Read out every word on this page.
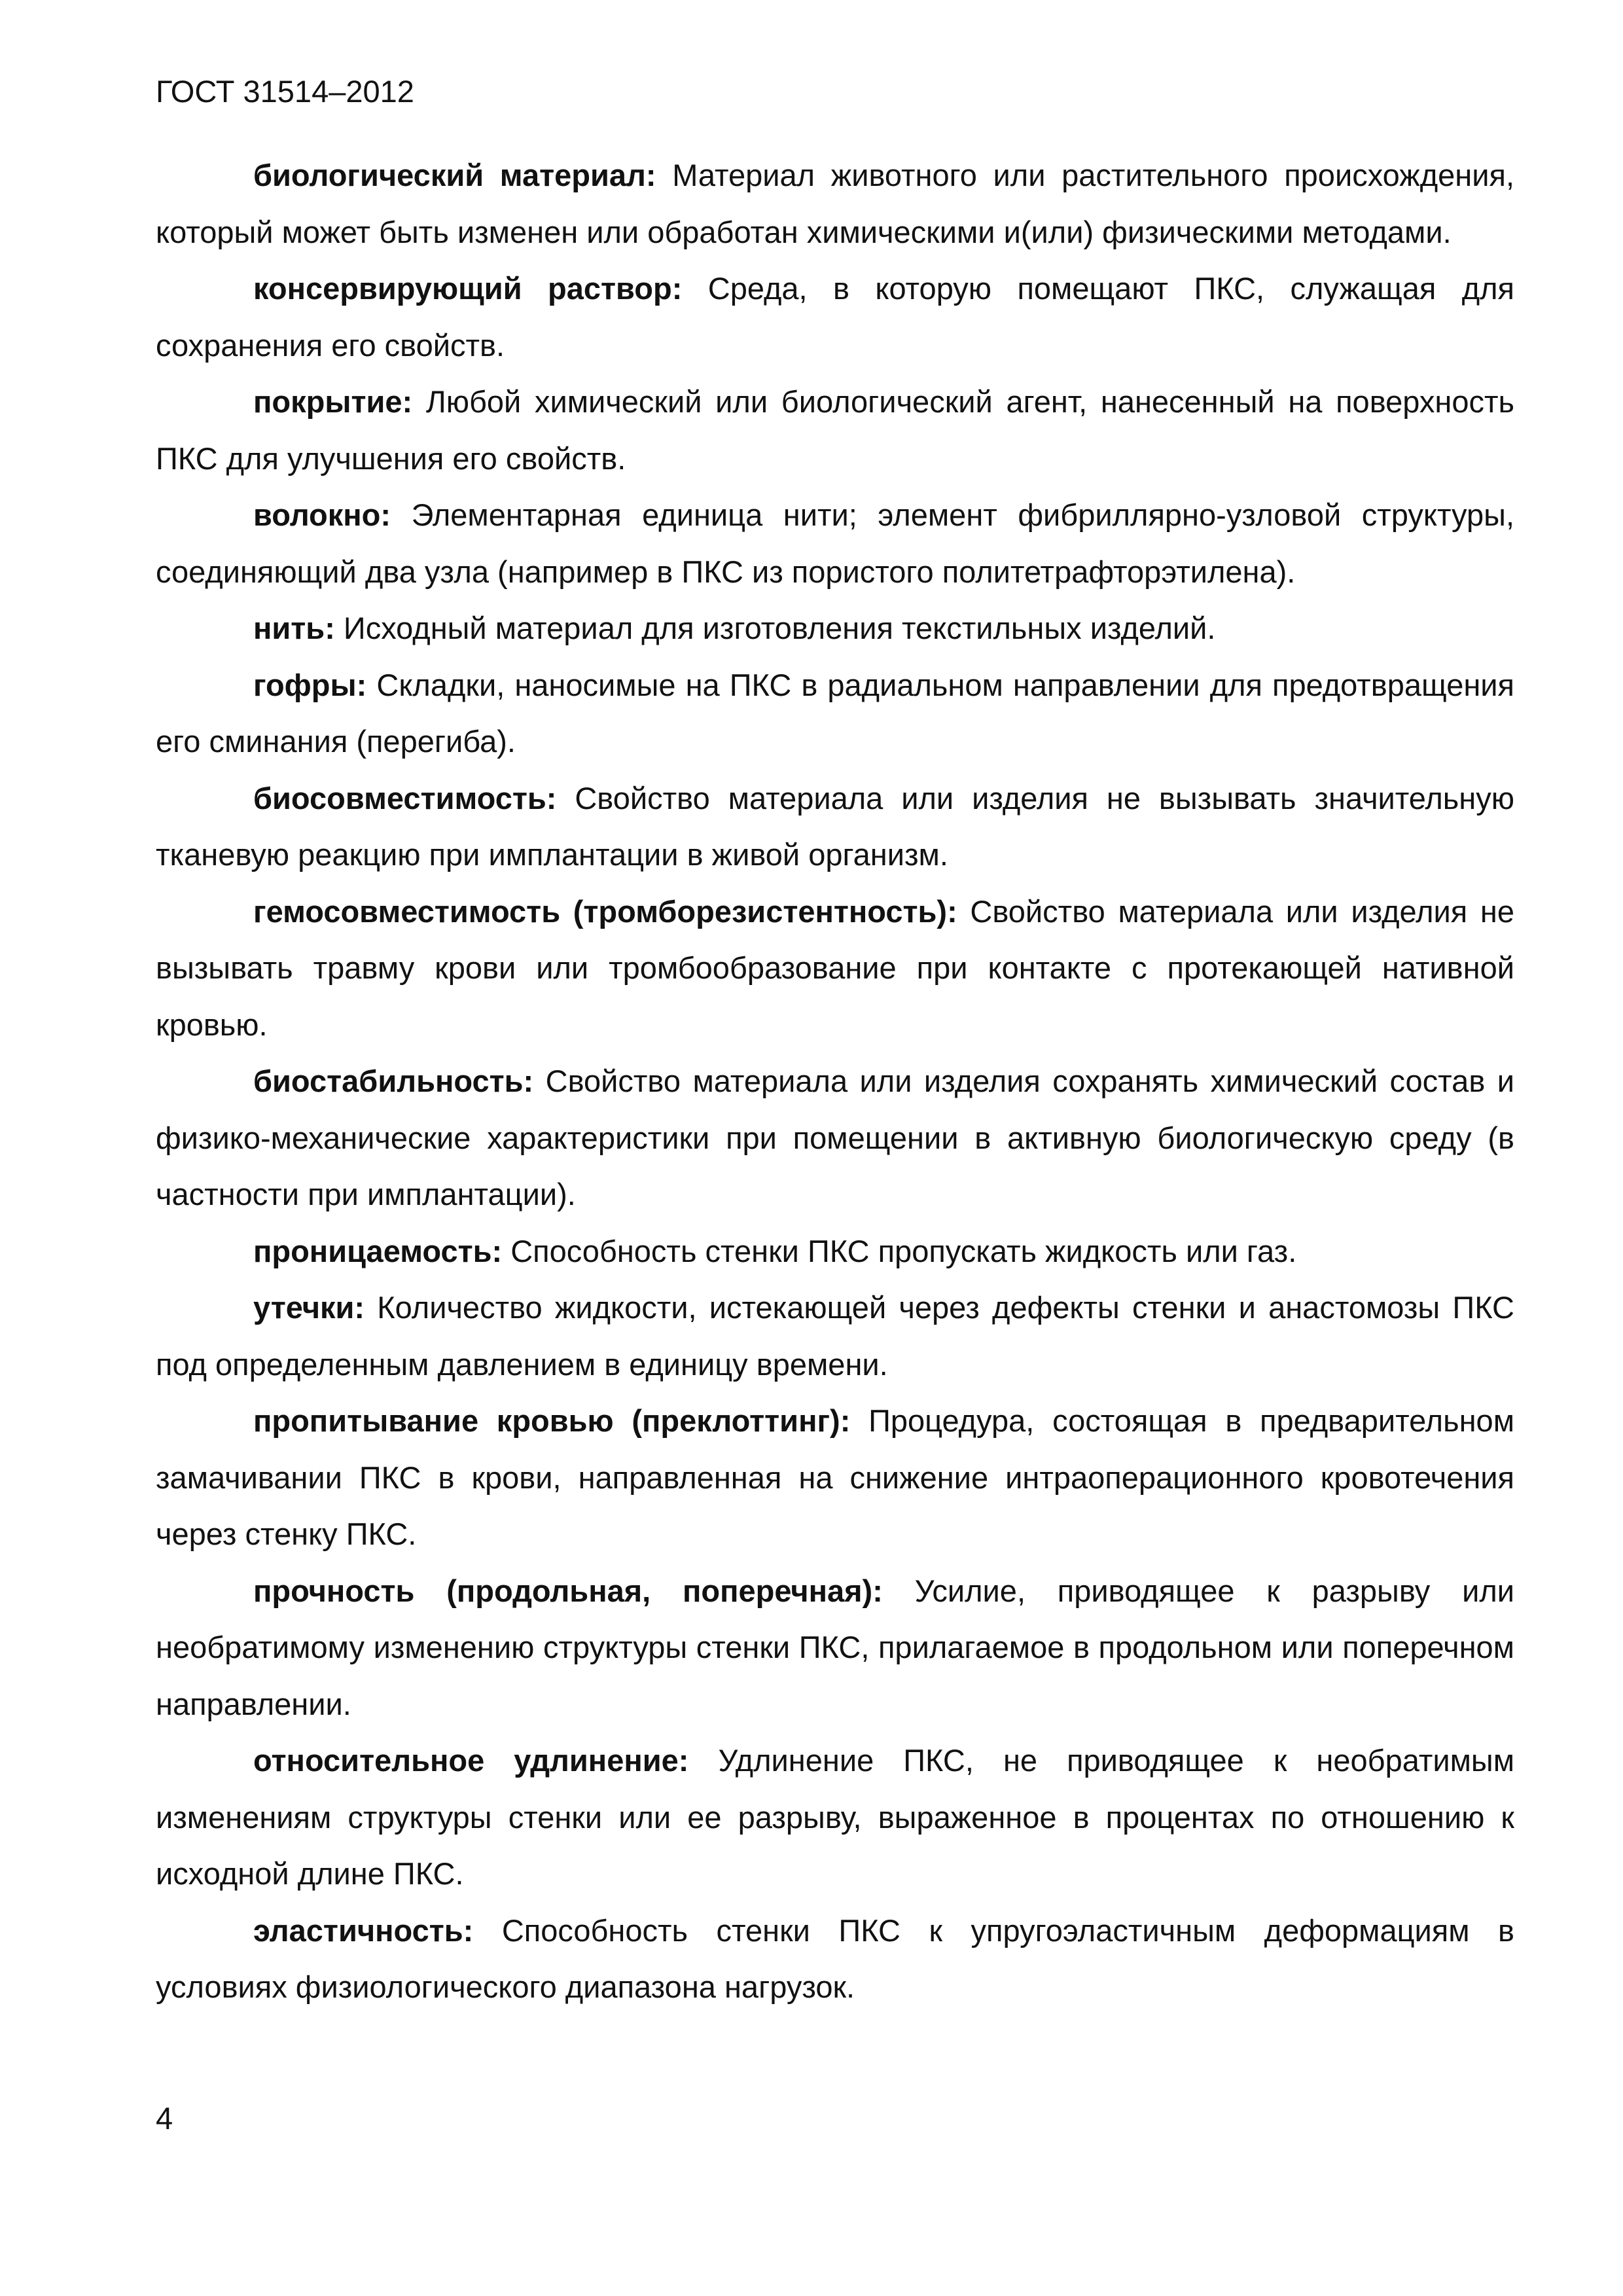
ГОСТ 31514–2012

биологический материал: Материал животного или растительного происхождения, который может быть изменен или обработан химическими и(или) физическими методами.

консервирующий раствор: Среда, в которую помещают ПКС, служащая для сохранения его свойств.

покрытие: Любой химический или биологический агент, нанесенный на поверхность ПКС для улучшения его свойств.

волокно: Элементарная единица нити; элемент фибриллярно-узловой структуры, соединяющий два узла (например в ПКС из пористого политетрафторэтилена).

нить: Исходный материал для изготовления текстильных изделий.

гофры: Складки, наносимые на ПКС в радиальном направлении для предотвращения его сминания (перегиба).

биосовместимость: Свойство материала или изделия не вызывать значительную тканевую реакцию при имплантации в живой организм.

гемосовместимость (тромборезистентность): Свойство материала или изделия не вызывать травму крови или тромбообразование при контакте с протекающей нативной кровью.

биостабильность: Свойство материала или изделия сохранять химический состав и физико-механические характеристики при помещении в активную биологическую среду (в частности при имплантации).

проницаемость: Способность стенки ПКС пропускать жидкость или газ.

утечки: Количество жидкости, истекающей через дефекты стенки и анастомозы ПКС под определенным давлением в единицу времени.

пропитывание кровью (преклоттинг): Процедура, состоящая в предварительном замачивании ПКС в крови, направленная на снижение интраоперационного кровотечения через стенку ПКС.

прочность (продольная, поперечная): Усилие, приводящее к разрыву или необратимому изменению структуры стенки ПКС, прилагаемое в продольном или поперечном направлении.

относительное удлинение: Удлинение ПКС, не приводящее к необратимым изменениям структуры стенки или ее разрыву, выраженное в процентах по отношению к исходной длине ПКС.

эластичность: Способность стенки ПКС к упругоэластичным деформациям в условиях физиологического диапазона нагрузок.

4
